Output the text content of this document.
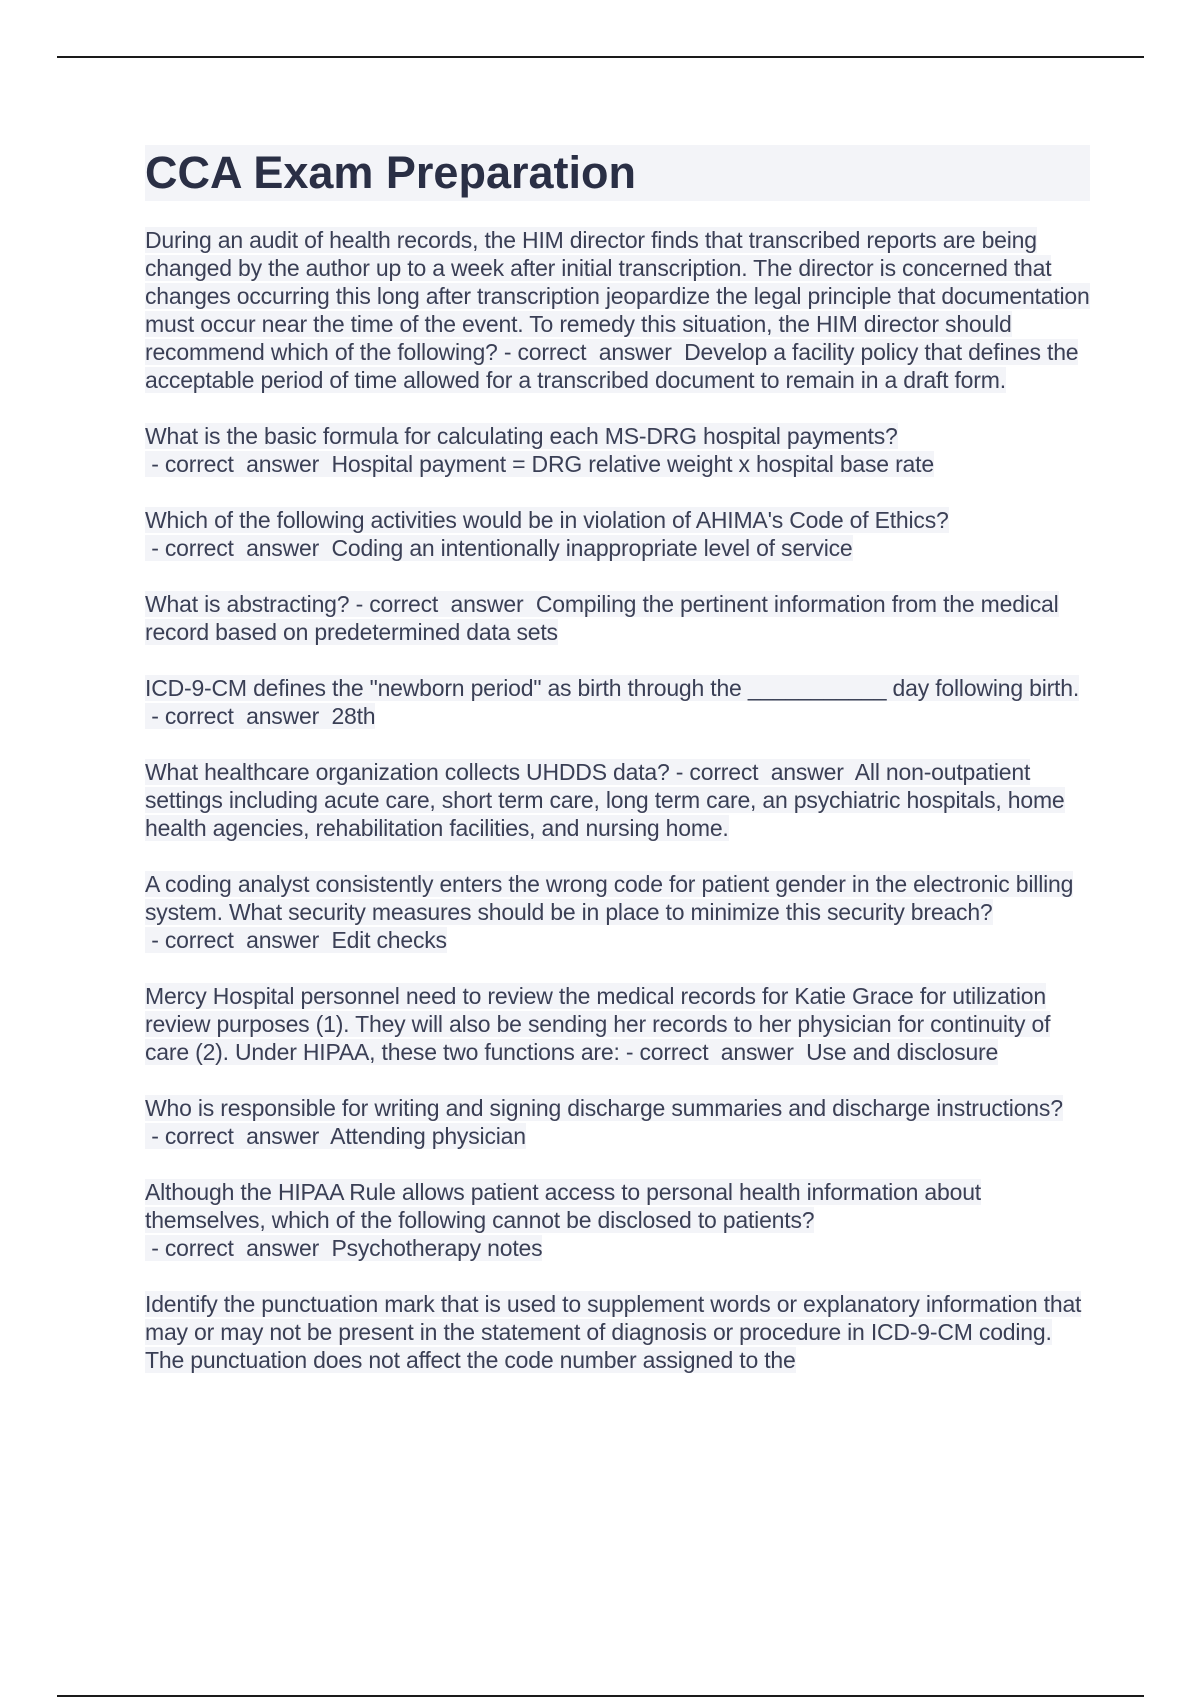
CCA Exam Preparation

During an audit of health records, the HIM director finds that transcribed reports are being changed by the author up to a week after initial transcription. The director is concerned that changes occurring this long after transcription jeopardize the legal principle that documentation must occur near the time of the event. To remedy this situation, the HIM director should recommend which of the following? - correct  answer  Develop a facility policy that defines the acceptable period of time allowed for a transcribed document to remain in a draft form.

What is the basic formula for calculating each MS-DRG hospital payments? - correct  answer  Hospital payment = DRG relative weight x hospital base rate

Which of the following activities would be in violation of AHIMA's Code of Ethics? - correct  answer  Coding an intentionally inappropriate level of service

What is abstracting? - correct  answer  Compiling the pertinent information from the medical record based on predetermined data sets

ICD-9-CM defines the "newborn period" as birth through the ___________ day following birth. - correct  answer  28th

What healthcare organization collects UHDDS data? - correct  answer  All non-outpatient settings including acute care, short term care, long term care, an psychiatric hospitals, home health agencies, rehabilitation facilities, and nursing home.

A coding analyst consistently enters the wrong code for patient gender in the electronic billing system. What security measures should be in place to minimize this security breach? - correct  answer  Edit checks

Mercy Hospital personnel need to review the medical records for Katie Grace for utilization review purposes (1). They will also be sending her records to her physician for continuity of care (2). Under HIPAA, these two functions are: - correct  answer  Use and disclosure

Who is responsible for writing and signing discharge summaries and discharge instructions? - correct  answer  Attending physician

Although the HIPAA Rule allows patient access to personal health information about themselves, which of the following cannot be disclosed to patients? - correct  answer  Psychotherapy notes

Identify the punctuation mark that is used to supplement words or explanatory information that may or may not be present in the statement of diagnosis or procedure in ICD-9-CM coding. The punctuation does not affect the code number assigned to the
